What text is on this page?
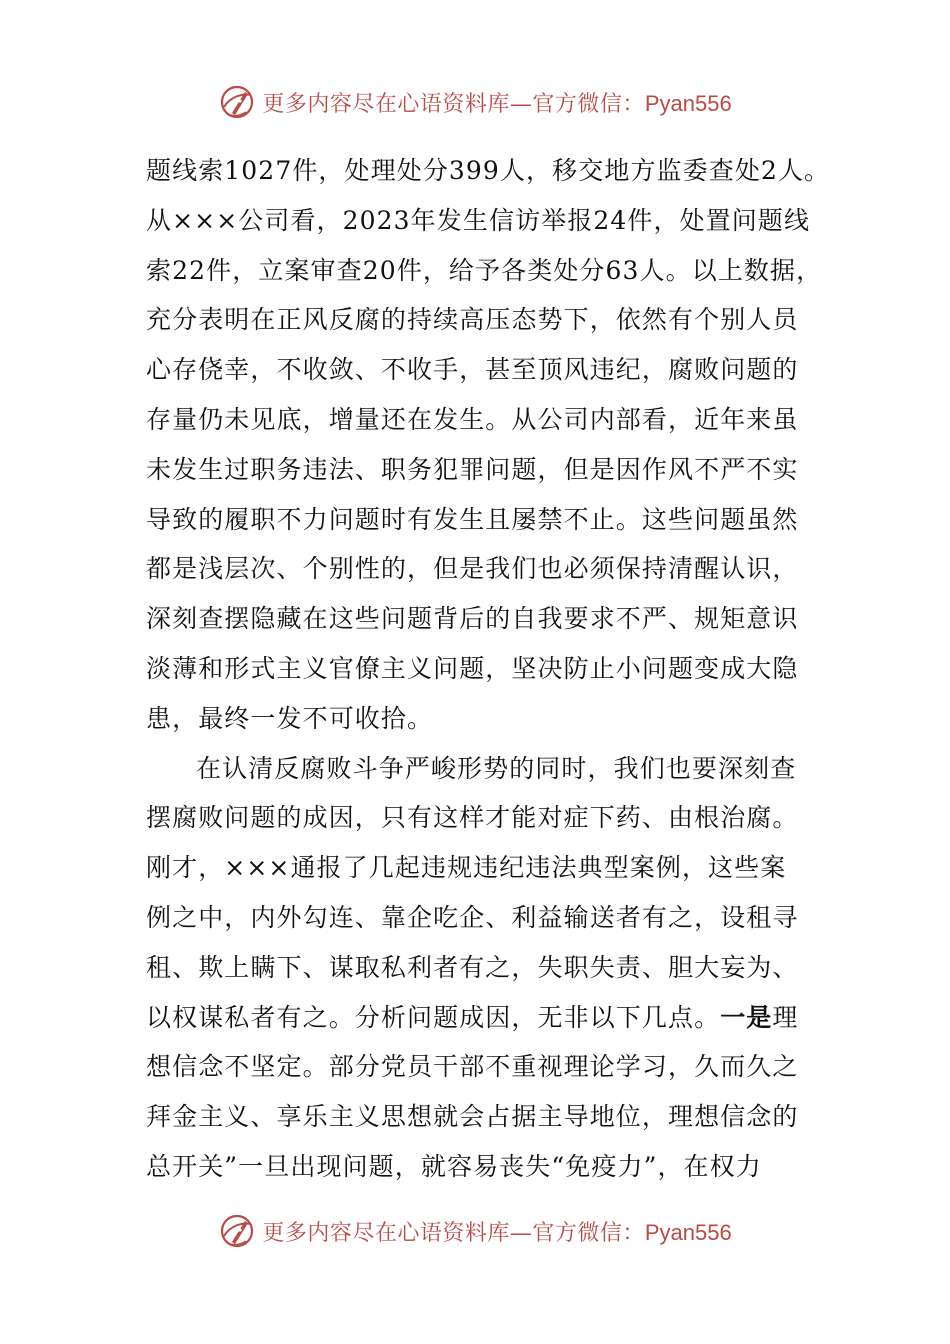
更多内容尽在心语资料库—官方微信：Pyan556
题线索1027件，处理处分399人，移交地方监委查处2人。
从×××公司看，2023年发生信访举报24件，处置问题线
索22件，立案审查20件，给予各类处分63人。以上数据，
充分表明在正风反腐的持续高压态势下，依然有个别人员
心存侥幸，不收敛、不收手，甚至顶风违纪，腐败问题的
存量仍未见底，增量还在发生。从公司内部看，近年来虽
未发生过职务违法、职务犯罪问题，但是因作风不严不实
导致的履职不力问题时有发生且屡禁不止。这些问题虽然
都是浅层次、个别性的，但是我们也必须保持清醒认识，
深刻查摆隐藏在这些问题背后的自我要求不严、规矩意识
淡薄和形式主义官僚主义问题，坚决防止小问题变成大隐
患，最终一发不可收拾。
在认清反腐败斗争严峻形势的同时，我们也要深刻查
摆腐败问题的成因，只有这样才能对症下药、由根治腐。
刚才，×××通报了几起违规违纪违法典型案例，这些案
例之中，内外勾连、靠企吃企、利益输送者有之，设租寻
租、欺上瞒下、谋取私利者有之，失职失责、胆大妄为、
以权谋私者有之。分析问题成因，无非以下几点。一是理
想信念不坚定。部分党员干部不重视理论学习，久而久之
拜金主义、享乐主义思想就会占据主导地位，理想信念的
总开关”一旦出现问题，就容易丧失“免疫力”，在权力
更多内容尽在心语资料库—官方微信：Pyan556
